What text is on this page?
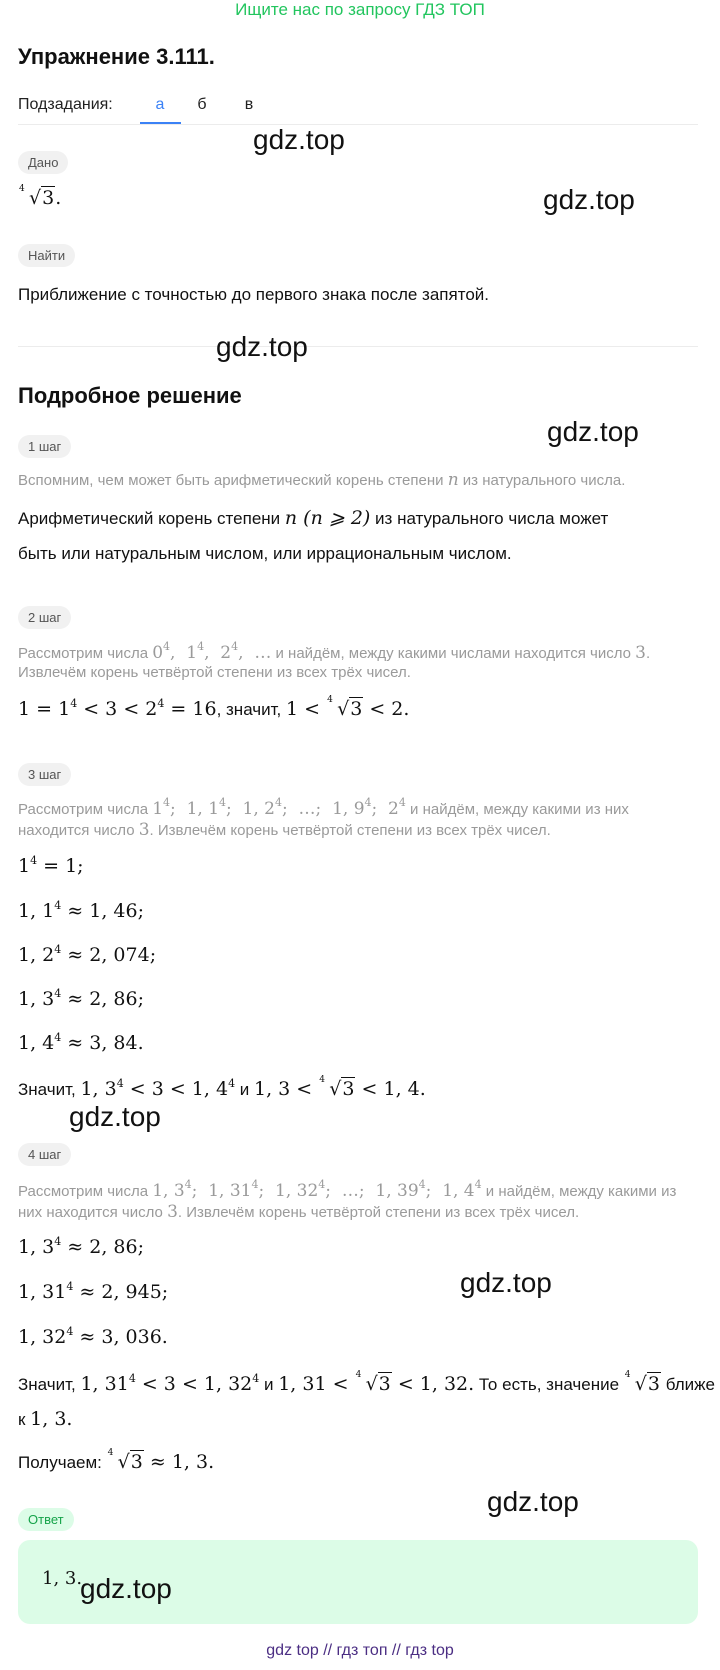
Ищите нас по запросу ГДЗ ТОП
Упражнение 3.111.
Подзадания:	а	б	в
Дано
4 √3.
Найти
Приближение с точностью до первого знака после запятой.
Подробное решение
1 шаг
Вспомним, чем может быть арифметический корень степени n из натурального числа.
Арифметический корень степени n (n ⩾ 2) из натурального числа может
быть или натуральным числом, или иррациональным числом.
2 шаг
Рассмотрим числа $0^4$,  $1^4$,  $2^4$,  … и найдём, между какими числами находится число 3.
Извлечём корень четвёртой степени из всех трёх чисел.
$1 = 1^4 < 3 < 2^4 = 16$, значит, 1 < 4 √3 < 2.
3 шаг
Рассмотрим числа $1^4$;  1, $1^4$;  1, $2^4$;  …;  1, $9^4$;  $2^4$ и найдём, между какими из них
находится число 3. Извлечём корень четвёртой степени из всех трёх чисел.
$1^4 = 1$;
1, $1^4 \approx 1$, 46;
1, $2^4 \approx 2$, 074;
1, $3^4 \approx 2$, 86;
1, $4^4 \approx 3$, 84.
Значит, 1, $3^4 < 3 < 1$, $4^4$ и 1, 3 < 4 √3 < 1, 4.
4 шаг
Рассмотрим числа 1, $3^4$;  1, $31^4$;  1, $32^4$;  …;  1, $39^4$;  1, $4^4$ и найдём, между какими из
них находится число 3. Извлечём корень четвёртой степени из всех трёх чисел.
1, $3^4 \approx 2$, 86;
1, $31^4 \approx 2$, 945;
1, $32^4 \approx 3$, 036.
Значит, 1, $31^4 < 3 < 1$, $32^4$ и 1, 31 < 4 √3 < 1, 32. То есть, значение 4 √3 ближе
к 1, 3.
Получаем: 4 √3 ≈ 1, 3.
Ответ
1, 3.
gdz.top
gdz.top
gdz.top
gdz.top
gdz.top
gdz.top
gdz.top
gdz.top
gdz top // гдз топ // гдз top
